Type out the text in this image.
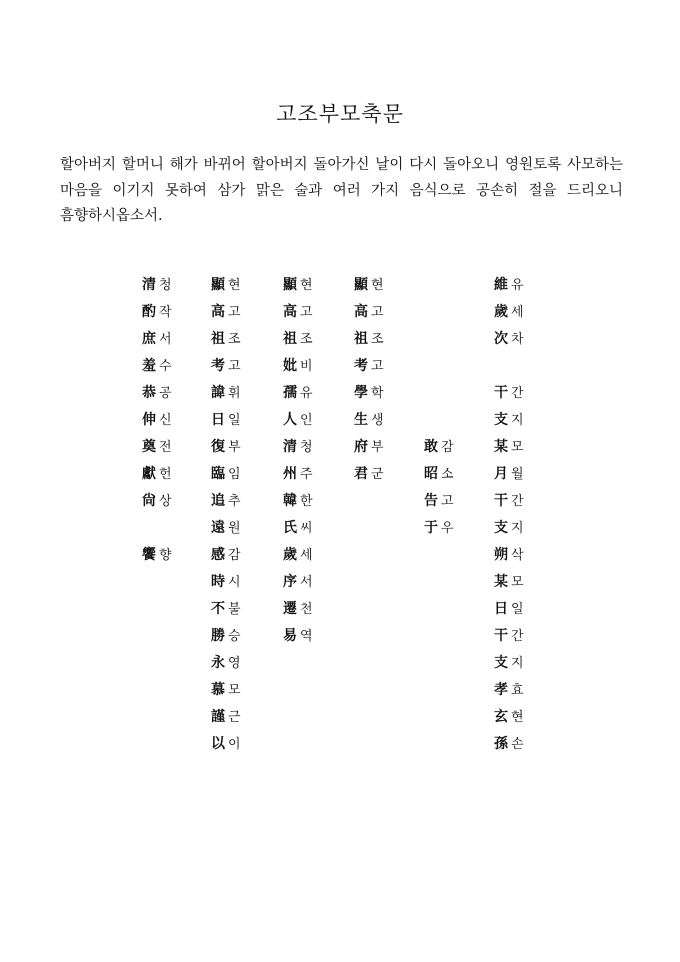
고조부모축문

할아버지 할머니 해가 바뀌어 할아버지 돌아가신 날이 다시 돌아오니 영원토록 사모하는 마음을 이기지 못하여 삼가 맑은 술과 여러 가지 음식으로 공손히 절을 드리오니 흠향하시옵소서.

清 청
酌 작
庶 서
羞 수
恭 공
伸 신
奠 전
獻 헌
尙 상
饗 향
顯 현
高 고
祖 조
考 고
諱 휘
日 일
復 부
臨 임
追 추
遠 원
感 감
時 시
不 불
勝 승
永 영
慕 모
謹 근
以 이
顯 현
高 고
祖 조
妣 비
孺 유
人 인
清 청
州 주
韓 한
氏 씨
歲 세
序 서
遷 천
易 역
顯 현
高 고
祖 조
考 고
學 학
生 생
府 부
君 군
敢 감
昭 소
告 고
于 우
維 유
歲 세
次 차
干 간
支 지
某 모
月 월
干 간
支 지
朔 삭
某 모
日 일
干 간
支 지
孝 효
玄 현
孫 손
